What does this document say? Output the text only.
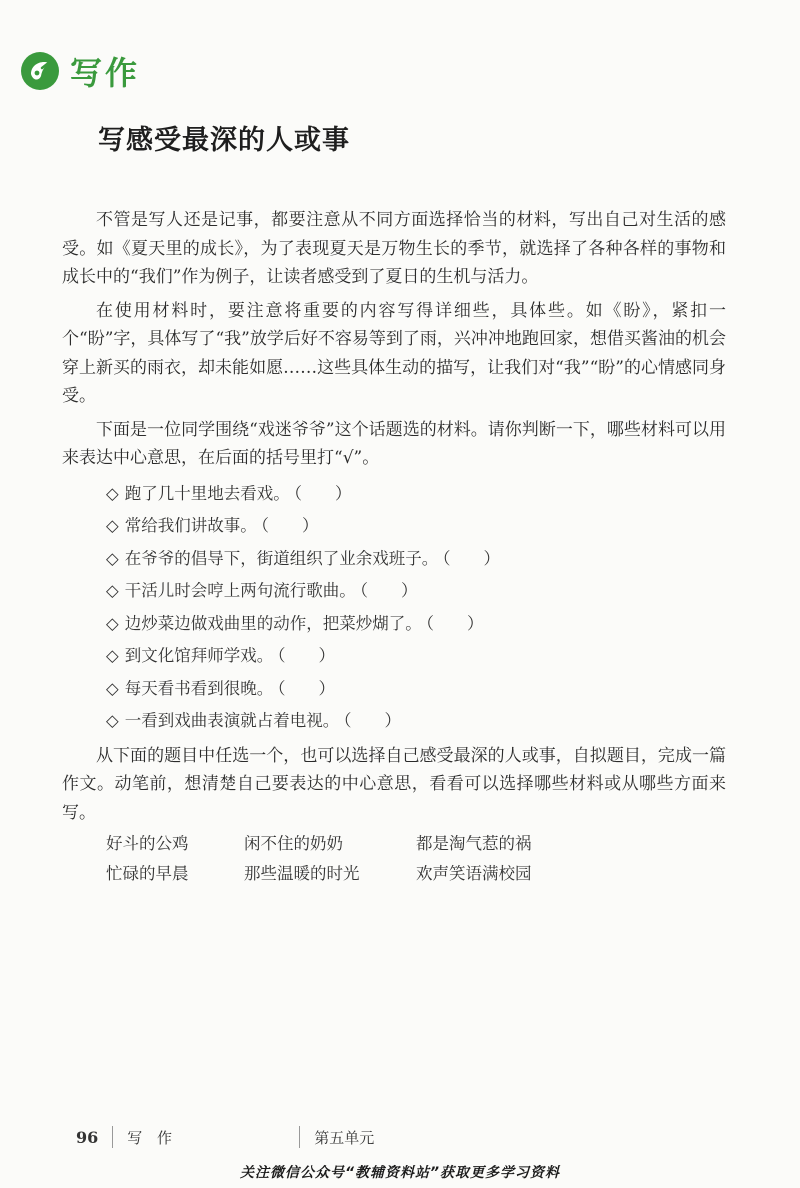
写作
写感受最深的人或事

不管是写人还是记事，都要注意从不同方面选择恰当的材料，写出自己对生活的感受。如《夏天里的成长》，为了表现夏天是万物生长的季节，就选择了各种各样的事物和成长中的“我们”作为例子，让读者感受到了夏日的生机与活力。

在使用材料时，要注意将重要的内容写得详细些，具体些。如《盼》，紧扣一个“盼”字，具体写了“我”放学后好不容易等到了雨，兴冲冲地跑回家，想借买酱油的机会穿上新买的雨衣，却未能如愿……这些具体生动的描写，让我们对“我”“盼”的心情感同身受。

下面是一位同学围绕“戏迷爷爷”这个话题选的材料。请你判断一下，哪些材料可以用来表达中心意思，在后面的括号里打“√”。

◇ 跑了几十里地去看戏。 （　　）
◇ 常给我们讲故事。 （　　）
◇ 在爷爷的倡导下，街道组织了业余戏班子。 （　　）
◇ 干活儿时会哼上两句流行歌曲。 （　　）
◇ 边炒菜边做戏曲里的动作，把菜炒煳了。 （　　）
◇ 到文化馆拜师学戏。 （　　）
◇ 每天看书看到很晚。 （　　）
◇ 一看到戏曲表演就占着电视。 （　　）

从下面的题目中任选一个，也可以选择自己感受最深的人或事，自拟题目，完成一篇作文。动笔前，想清楚自己要表达的中心意思，看看可以选择哪些材料或从哪些方面来写。

好斗的公鸡	闲不住的奶奶	都是淘气惹的祸
忙碌的早晨	那些温暖的时光	欢声笑语满校园
96 写 作	第五单元
关注微信公众号“教辅资料站”获取更多学习资料
